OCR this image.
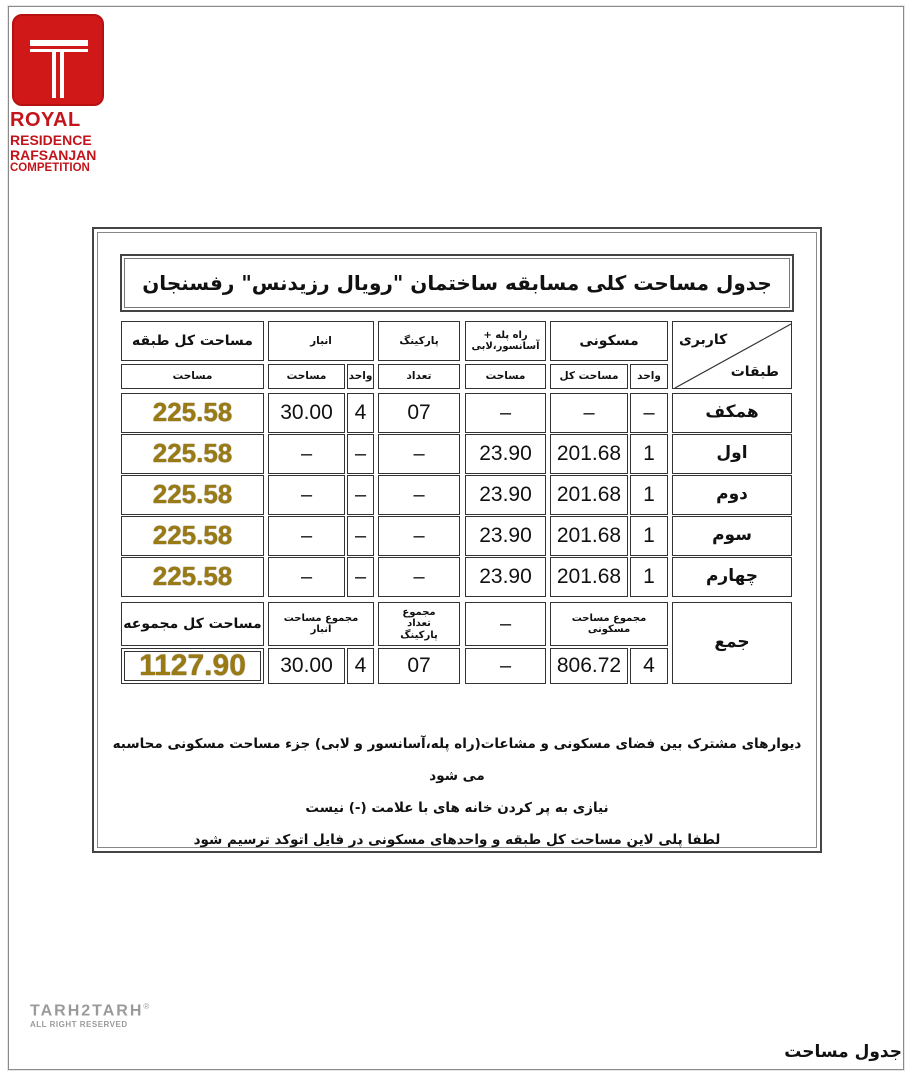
ROYAL
RESIDENCE
RAFSANJAN
COMPETITION
جدول مساحت کلی مسابقه ساختمان "رویال رزیدنس" رفسنجان
کاربری
طبقات
مسکونی
راه پله + آسانسور،لابی
پارکینگ
انبار
مساحت کل طبقه
واحد
مساحت کل
مساحت
تعداد
واحد
مساحت
مساحت
همکف
–
–
–
07
4
30.00
225.58
اول
1
201.68
23.90
–
–
–
225.58
دوم
1
201.68
23.90
–
–
–
225.58
سوم
1
201.68
23.90
–
–
–
225.58
چهارم
1
201.68
23.90
–
–
–
225.58
جمع
مجموع مساحت مسکونی
–
مجموع تعداد پارکینگ
مجموع مساحت انبار
مساحت کل مجموعه
4
806.72
–
07
4
30.00
1127.90
دیوارهای مشترک بین فضای مسکونی و مشاعات(راه پله،آسانسور و لابی) جزء مساحت مسکونی محاسبه می شود
نیازی به پر کردن خانه های با علامت (-) نیست
لطفا پلی لاین مساحت کل طبقه و واحدهای مسکونی در فایل اتوکد ترسیم شود
TARH2TARH®
ALL RIGHT RESERVED
جدول مساحت
